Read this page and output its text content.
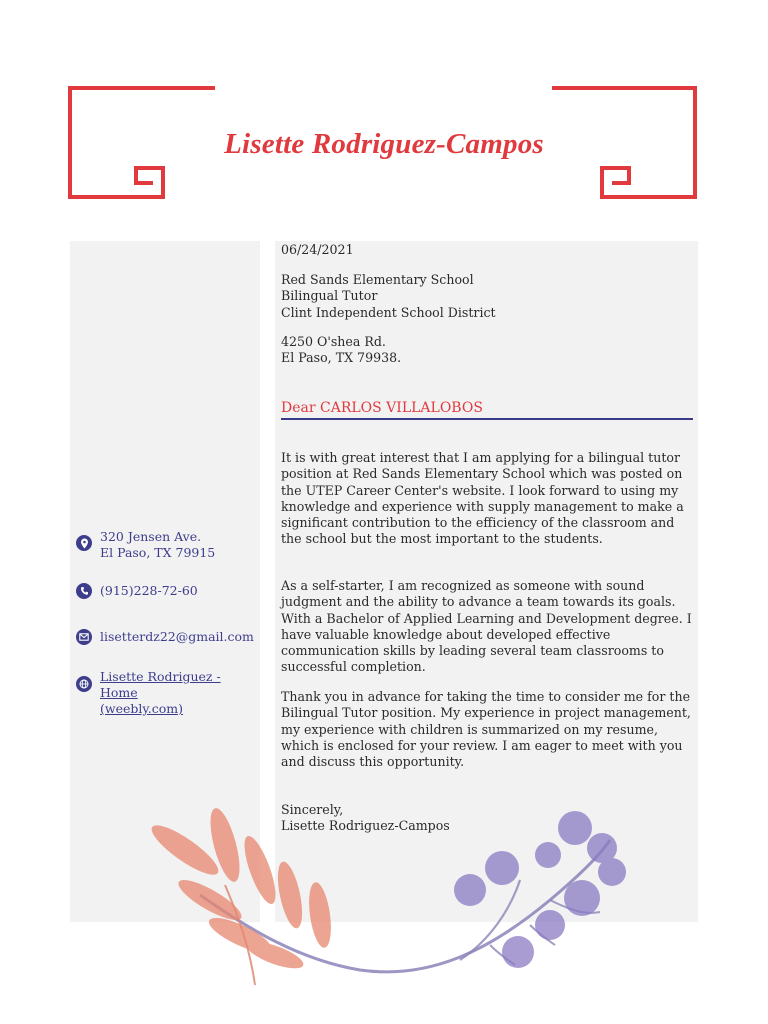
Lisette Rodriguez-Campos
320 Jensen Ave.
El Paso, TX 79915
(915)228-72-60
lisetterdz22@gmail.com
Lisette Rodriguez - Home
(weebly.com)
06/24/2021
Red Sands Elementary School
Bilingual Tutor
Clint Independent School District
4250 O'shea Rd.
El Paso, TX 79938.
Dear CARLOS VILLALOBOS
It is with great interest that I am applying for a bilingual tutor position at Red Sands Elementary School which was posted on the UTEP Career Center's website. I look forward to using my knowledge and experience with supply management to make a significant contribution to the efficiency of the classroom and the school but the most important to the students.
As a self-starter, I am recognized as someone with sound judgment and the ability to advance a team towards its goals. With a Bachelor of Applied Learning and Development degree. I have valuable knowledge about developed effective communication skills by leading several team classrooms to successful completion.
Thank you in advance for taking the time to consider me for the Bilingual Tutor position. My experience in project management, my experience with children is summarized on my resume, which is enclosed for your review. I am eager to meet with you and discuss this opportunity.
Sincerely,
Lisette Rodriguez-Campos
